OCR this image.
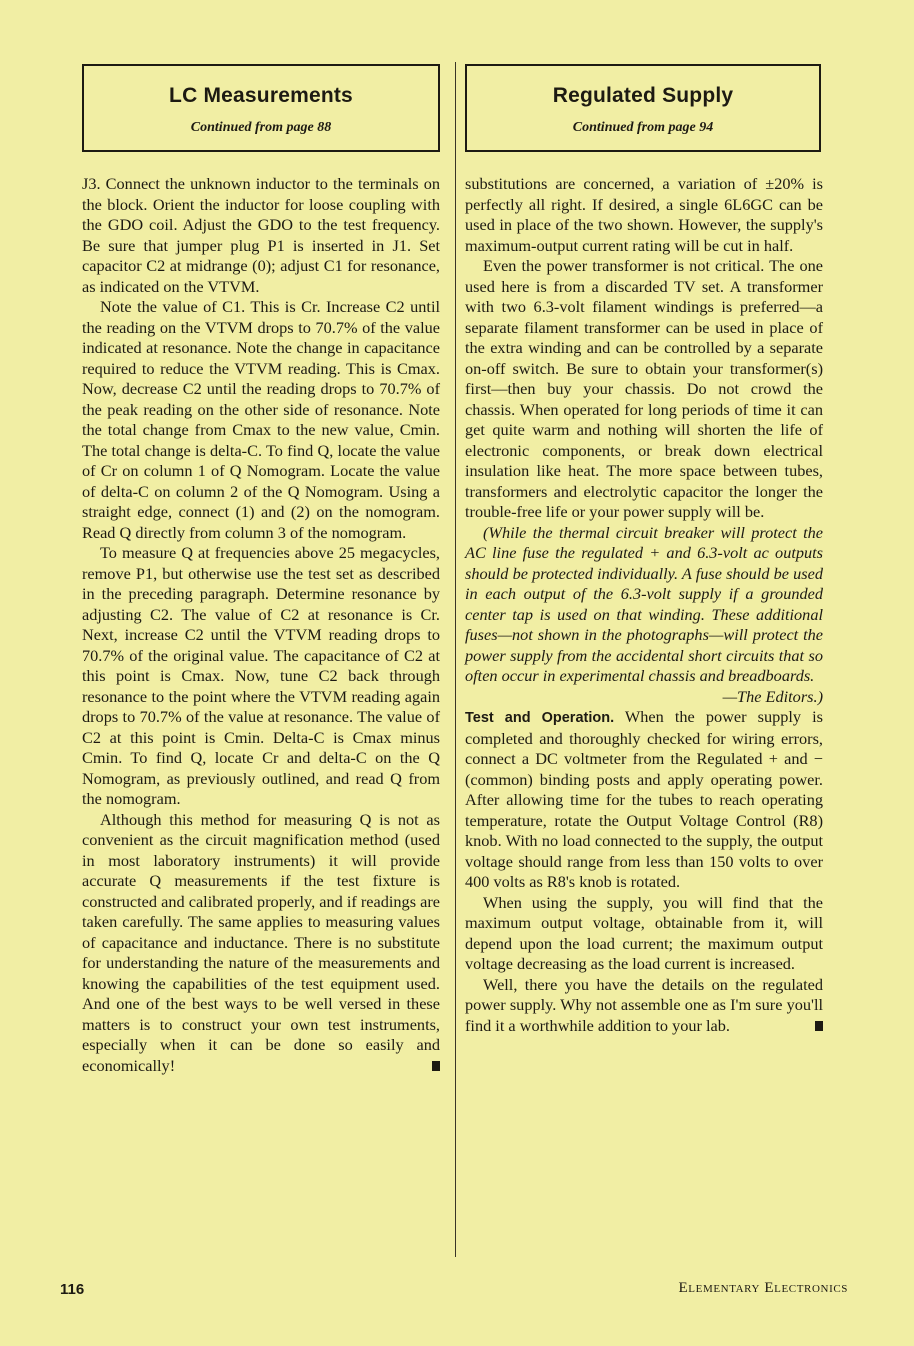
LC Measurements
Continued from page 88

J3. Connect the unknown inductor to the terminals on the block. Orient the inductor for loose coupling with the GDO coil. Adjust the GDO to the test frequency. Be sure that jumper plug P1 is inserted in J1. Set capacitor C2 at midrange (0); adjust C1 for resonance, as indicated on the VTVM.

Note the value of C1. This is Cr. Increase C2 until the reading on the VTVM drops to 70.7% of the value indicated at resonance. Note the change in capacitance required to reduce the VTVM reading. This is Cmax. Now, decrease C2 until the reading drops to 70.7% of the peak reading on the other side of resonance. Note the total change from Cmax to the new value, Cmin. The total change is delta-C. To find Q, locate the value of Cr on column 1 of Q Nomogram. Locate the value of delta-C on column 2 of the Q Nomogram. Using a straight edge, connect (1) and (2) on the nomogram. Read Q directly from column 3 of the nomogram.

To measure Q at frequencies above 25 megacycles, remove P1, but otherwise use the test set as described in the preceding paragraph. Determine resonance by adjusting C2. The value of C2 at resonance is Cr. Next, increase C2 until the VTVM reading drops to 70.7% of the original value. The capacitance of C2 at this point is Cmax. Now, tune C2 back through resonance to the point where the VTVM reading again drops to 70.7% of the value at resonance. The value of C2 at this point is Cmin. Delta-C is Cmax minus Cmin. To find Q, locate Cr and delta-C on the Q Nomogram, as previously outlined, and read Q from the nomogram.

Although this method for measuring Q is not as convenient as the circuit magnification method (used in most laboratory instruments) it will provide accurate Q measurements if the test fixture is constructed and calibrated properly, and if readings are taken carefully. The same applies to measuring values of capacitance and inductance. There is no substitute for understanding the nature of the measurements and knowing the capabilities of the test equipment used. And one of the best ways to be well versed in these matters is to construct your own test instruments, especially when it can be done so easily and economically!

Regulated Supply
Continued from page 94

substitutions are concerned, a variation of ±20% is perfectly all right. If desired, a single 6L6GC can be used in place of the two shown. However, the supply's maximum-output current rating will be cut in half.

Even the power transformer is not critical. The one used here is from a discarded TV set. A transformer with two 6.3-volt filament windings is preferred—a separate filament transformer can be used in place of the extra winding and can be controlled by a separate on-off switch. Be sure to obtain your transformer(s) first—then buy your chassis. Do not crowd the chassis. When operated for long periods of time it can get quite warm and nothing will shorten the life of electronic components, or break down electrical insulation like heat. The more space between tubes, transformers and electrolytic capacitor the longer the trouble-free life or your power supply will be.

(While the thermal circuit breaker will protect the AC line fuse the regulated + and 6.3-volt ac outputs should be protected individually. A fuse should be used in each output of the 6.3-volt supply if a grounded center tap is used on that winding. These additional fuses—not shown in the photographs—will protect the power supply from the accidental short circuits that so often occur in experimental chassis and breadboards.
—The Editors.)

Test and Operation. When the power supply is completed and thoroughly checked for wiring errors, connect a DC voltmeter from the Regulated + and − (common) binding posts and apply operating power. After allowing time for the tubes to reach operating temperature, rotate the Output Voltage Control (R8) knob. With no load connected to the supply, the output voltage should range from less than 150 volts to over 400 volts as R8's knob is rotated.

When using the supply, you will find that the maximum output voltage, obtainable from it, will depend upon the load current; the maximum output voltage decreasing as the load current is increased.

Well, there you have the details on the regulated power supply. Why not assemble one as I'm sure you'll find it a worthwhile addition to your lab.

116	Elementary Electronics
